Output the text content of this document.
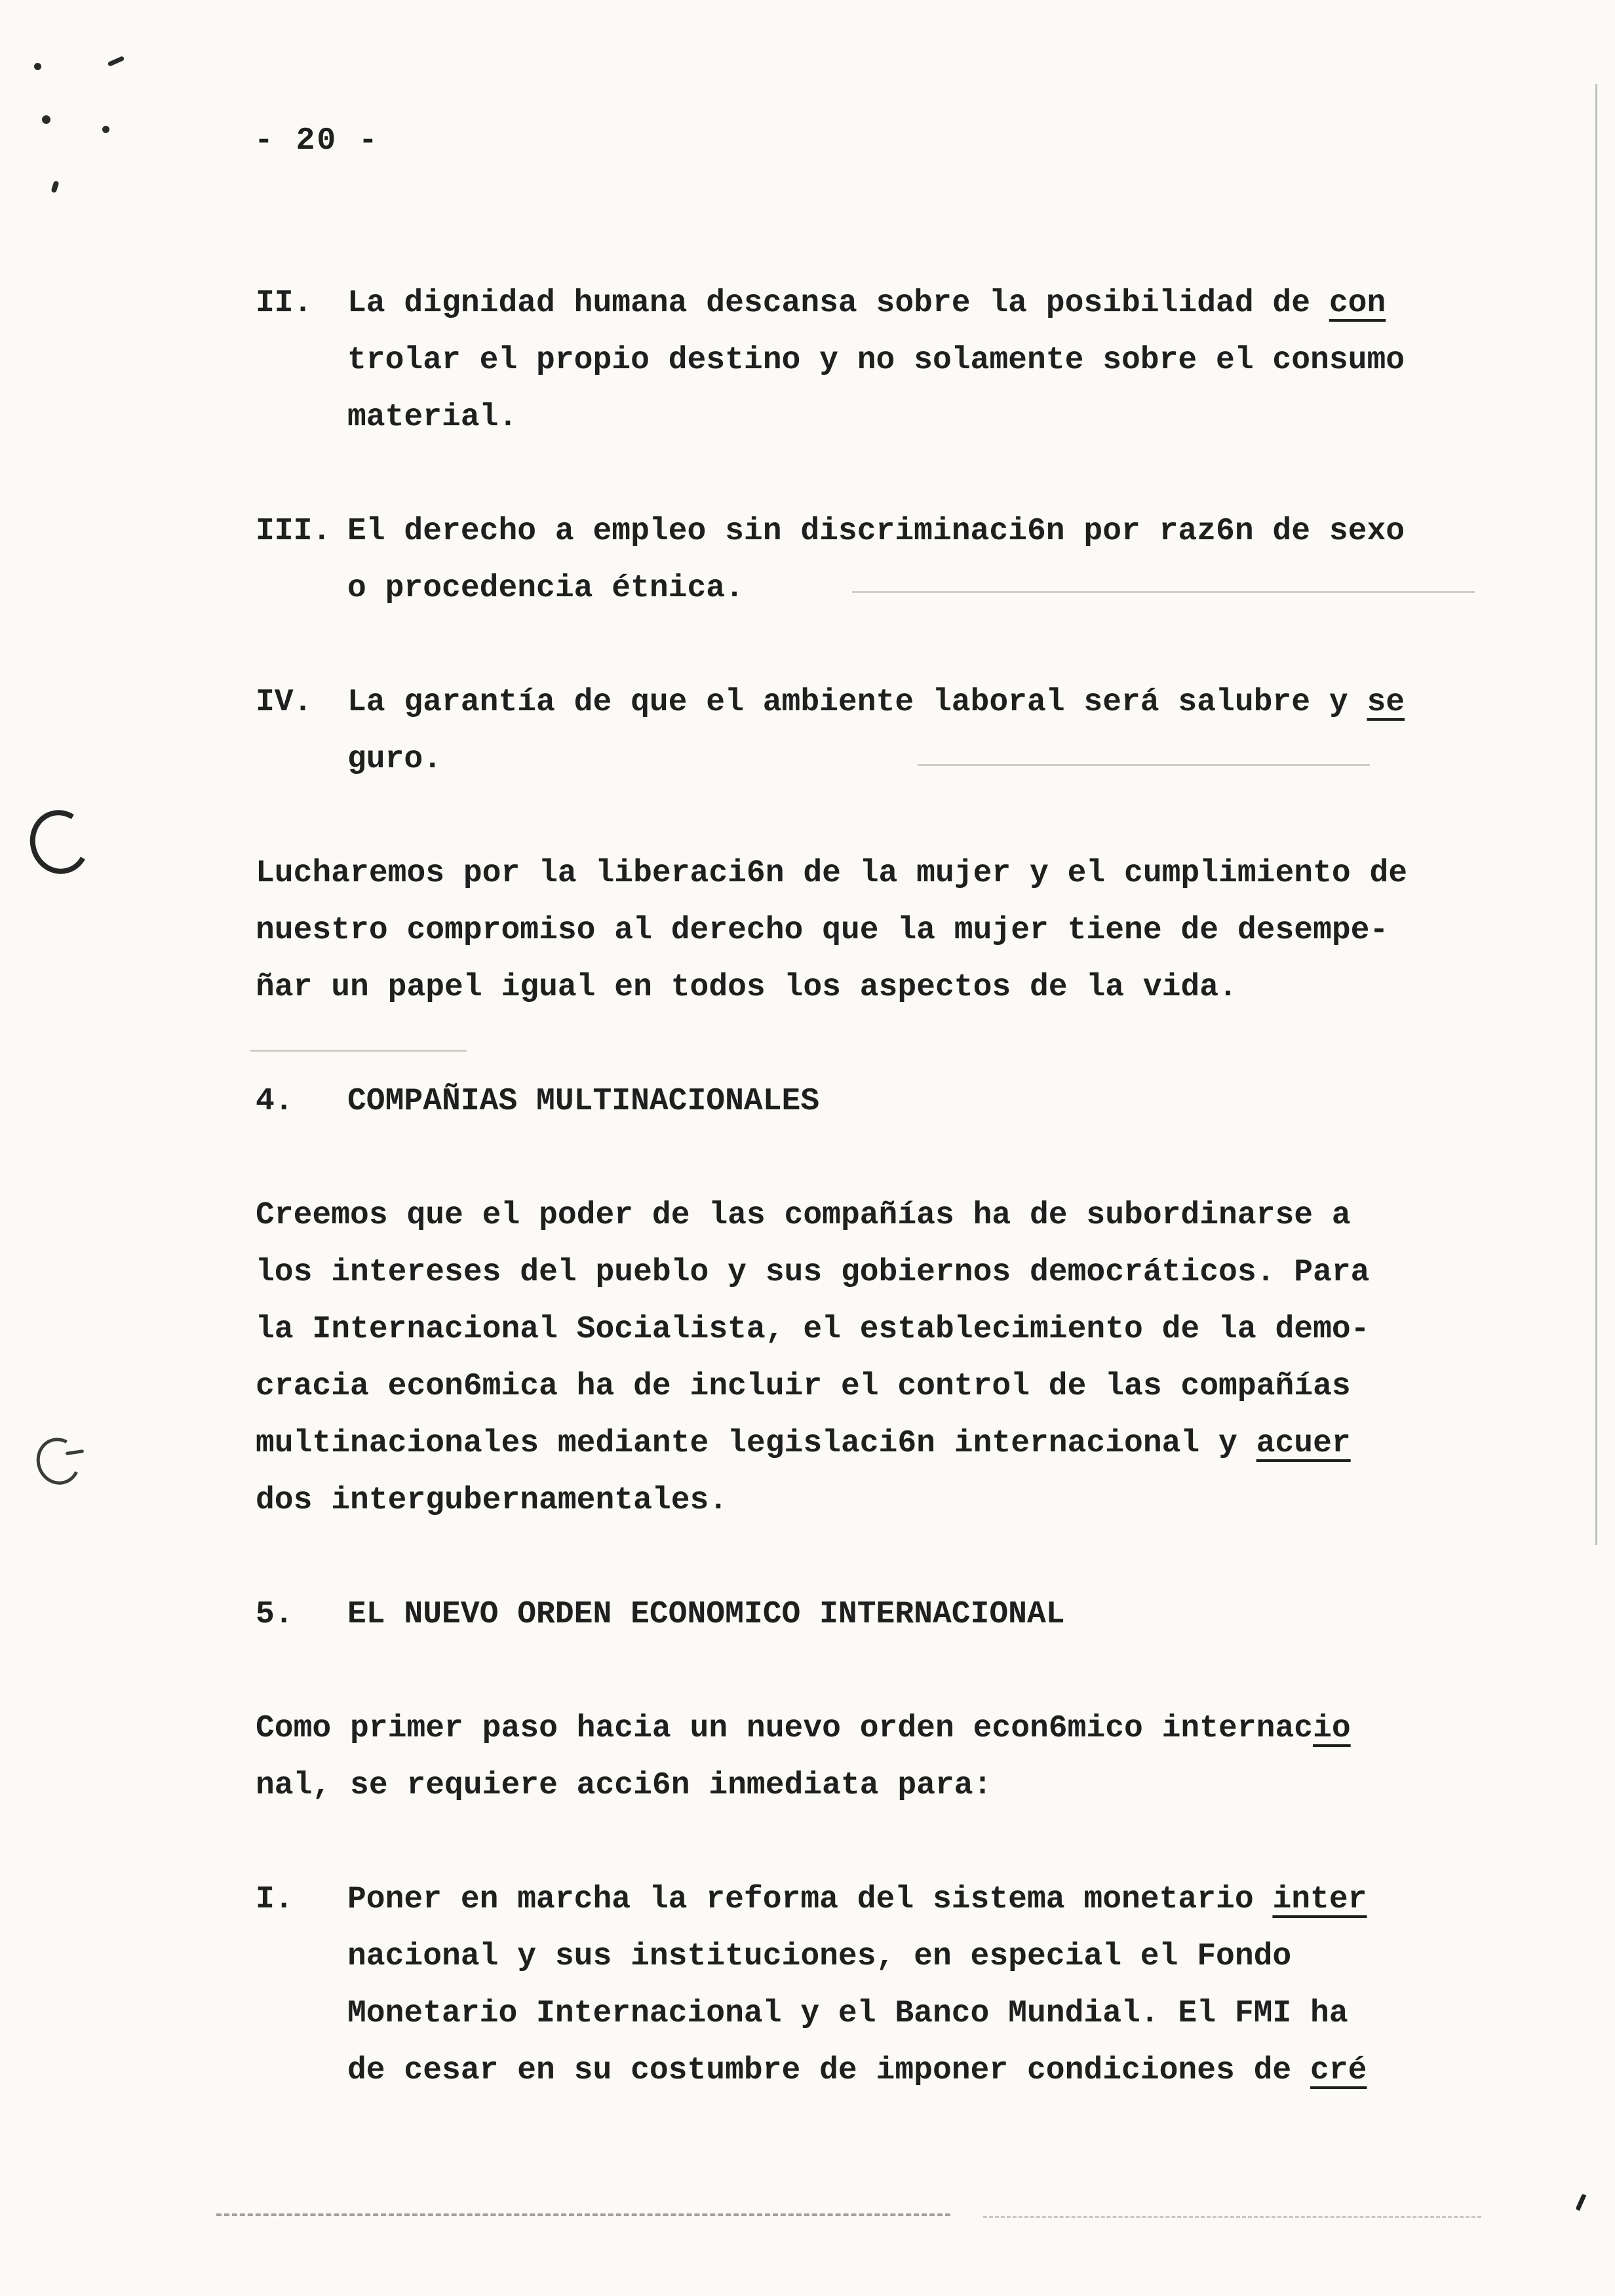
- 20 -
II.	La dignidad humana descansa sobre la posibilidad de con
trolar el propio destino y no solamente sobre el consumo
material.
III. El derecho a empleo sin discriminaci6n por raz6n de sexo
o procedencia étnica.
IV.	La garantía de que el ambiente laboral será salubre y se
guro.
Lucharemos por la liberaci6n de la mujer y el cumplimiento de
nuestro compromiso al derecho que la mujer tiene de desempe-
ñar un papel igual en todos los aspectos de la vida.
4.	COMPAÑIAS MULTINACIONALES
Creemos que el poder de las compañías ha de subordinarse a
los intereses del pueblo y sus gobiernos democráticos. Para
la Internacional Socialista, el establecimiento de la demo-
cracia econ6mica ha de incluir el control de las compañías
multinacionales mediante legislaci6n internacional y acuer
dos intergubernamentales.
5.	EL NUEVO ORDEN ECONOMICO INTERNACIONAL
Como primer paso hacia un nuevo orden econ6mico internacio
nal, se requiere acci6n inmediata para:
I.	Poner en marcha la reforma del sistema monetario inter
nacional y sus instituciones, en especial el Fondo
Monetario Internacional y el Banco Mundial. El FMI ha
de cesar en su costumbre de imponer condiciones de cré
